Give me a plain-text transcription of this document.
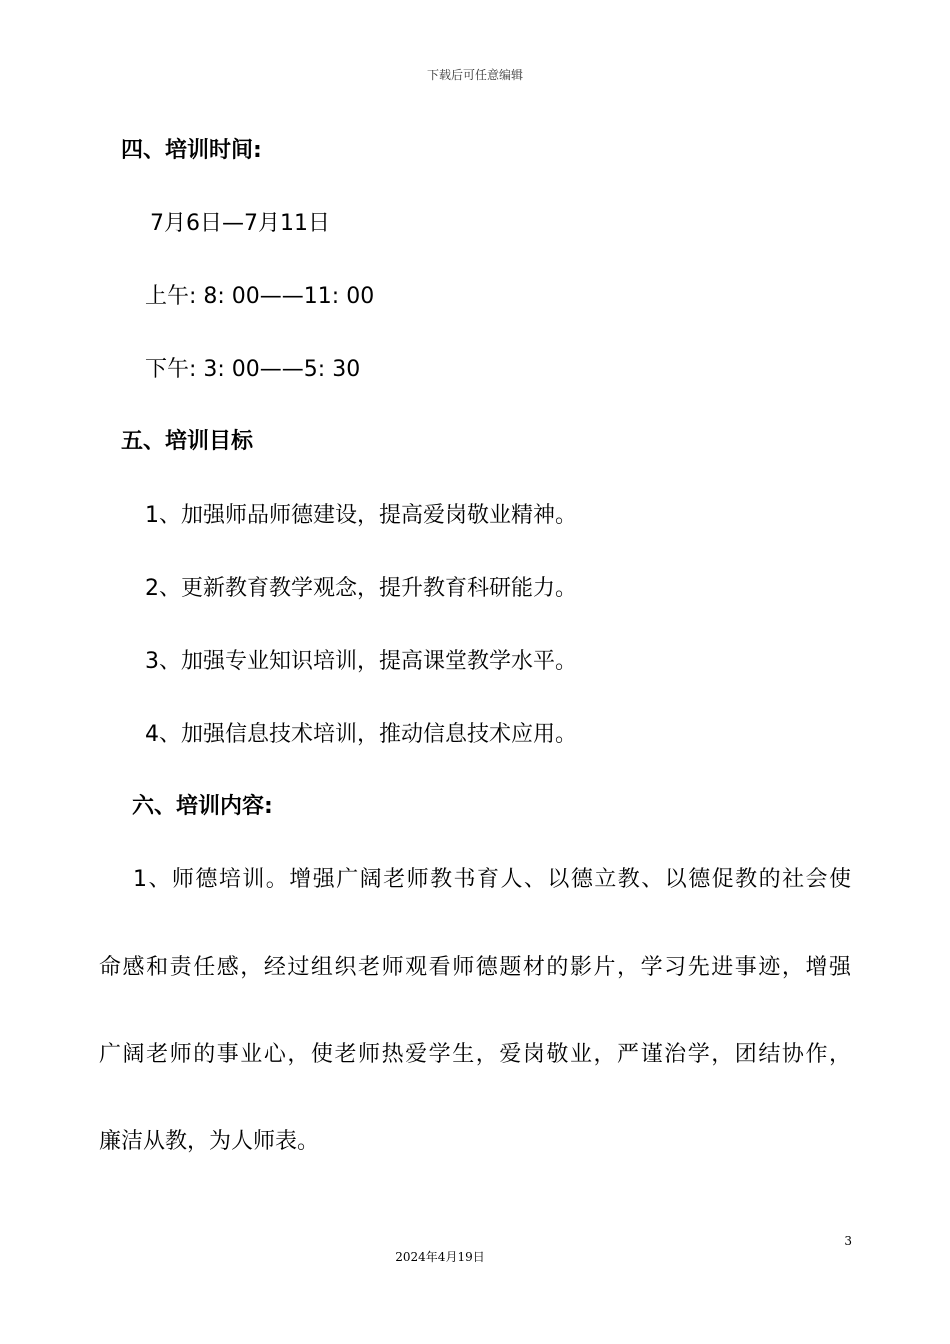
下载后可任意编辑
四、培训时间:
7月6日—7月11日
上午: 8: 00——11: 00
下午: 3: 00——5: 30
五、培训目标
1、加强师品师德建设，提高爱岗敬业精神。
2、更新教育教学观念，提升教育科研能力。
3、加强专业知识培训，提高课堂教学水平。
4、加强信息技术培训，推动信息技术应用。
六、培训内容:
1、师德培训。增强广阔老师教书育人、以德立教、以德促教的社会使
命感和责任感，经过组织老师观看师德题材的影片，学习先进事迹，增强
广阔老师的事业心，使老师热爱学生，爱岗敬业，严谨治学，团结协作，
廉洁从教，为人师表。
3
2024年4月19日
